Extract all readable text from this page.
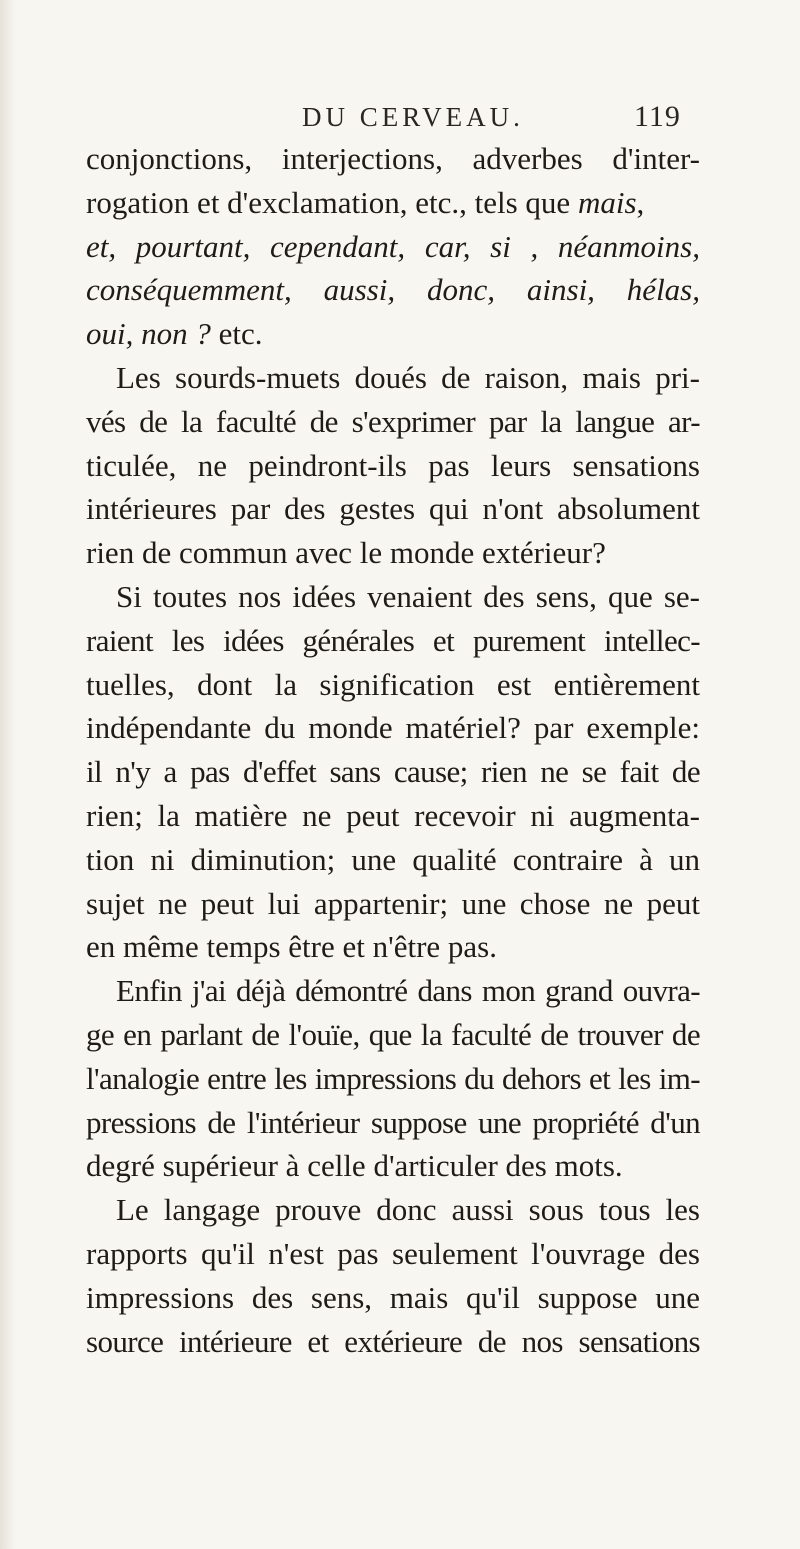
DU CERVEAU.	119
conjonctions, interjections, adverbes d'inter-
rogation et d'exclamation, etc., tels que mais,
et, pourtant, cependant, car, si , néanmoins,
conséquemment, aussi, donc, ainsi, hélas,
oui, non ? etc.
Les sourds-muets doués de raison, mais pri-
vés de la faculté de s'exprimer par la langue ar-
ticulée, ne peindront-ils pas leurs sensations
intérieures par des gestes qui n'ont absolument
rien de commun avec le monde extérieur?
Si toutes nos idées venaient des sens, que se-
raient les idées générales et purement intellec-
tuelles, dont la signification est entièrement
indépendante du monde matériel? par exemple:
il n'y a pas d'effet sans cause; rien ne se fait de
rien; la matière ne peut recevoir ni augmenta-
tion ni diminution; une qualité contraire à un
sujet ne peut lui appartenir; une chose ne peut
en même temps être et n'être pas.
Enfin j'ai déjà démontré dans mon grand ouvra-
ge en parlant de l'ouïe, que la faculté de trouver de
l'analogie entre les impressions du dehors et les im-
pressions de l'intérieur suppose une propriété d'un
degré supérieur à celle d'articuler des mots.
Le langage prouve donc aussi sous tous les
rapports qu'il n'est pas seulement l'ouvrage des
impressions des sens, mais qu'il suppose une
source intérieure et extérieure de nos sensations
